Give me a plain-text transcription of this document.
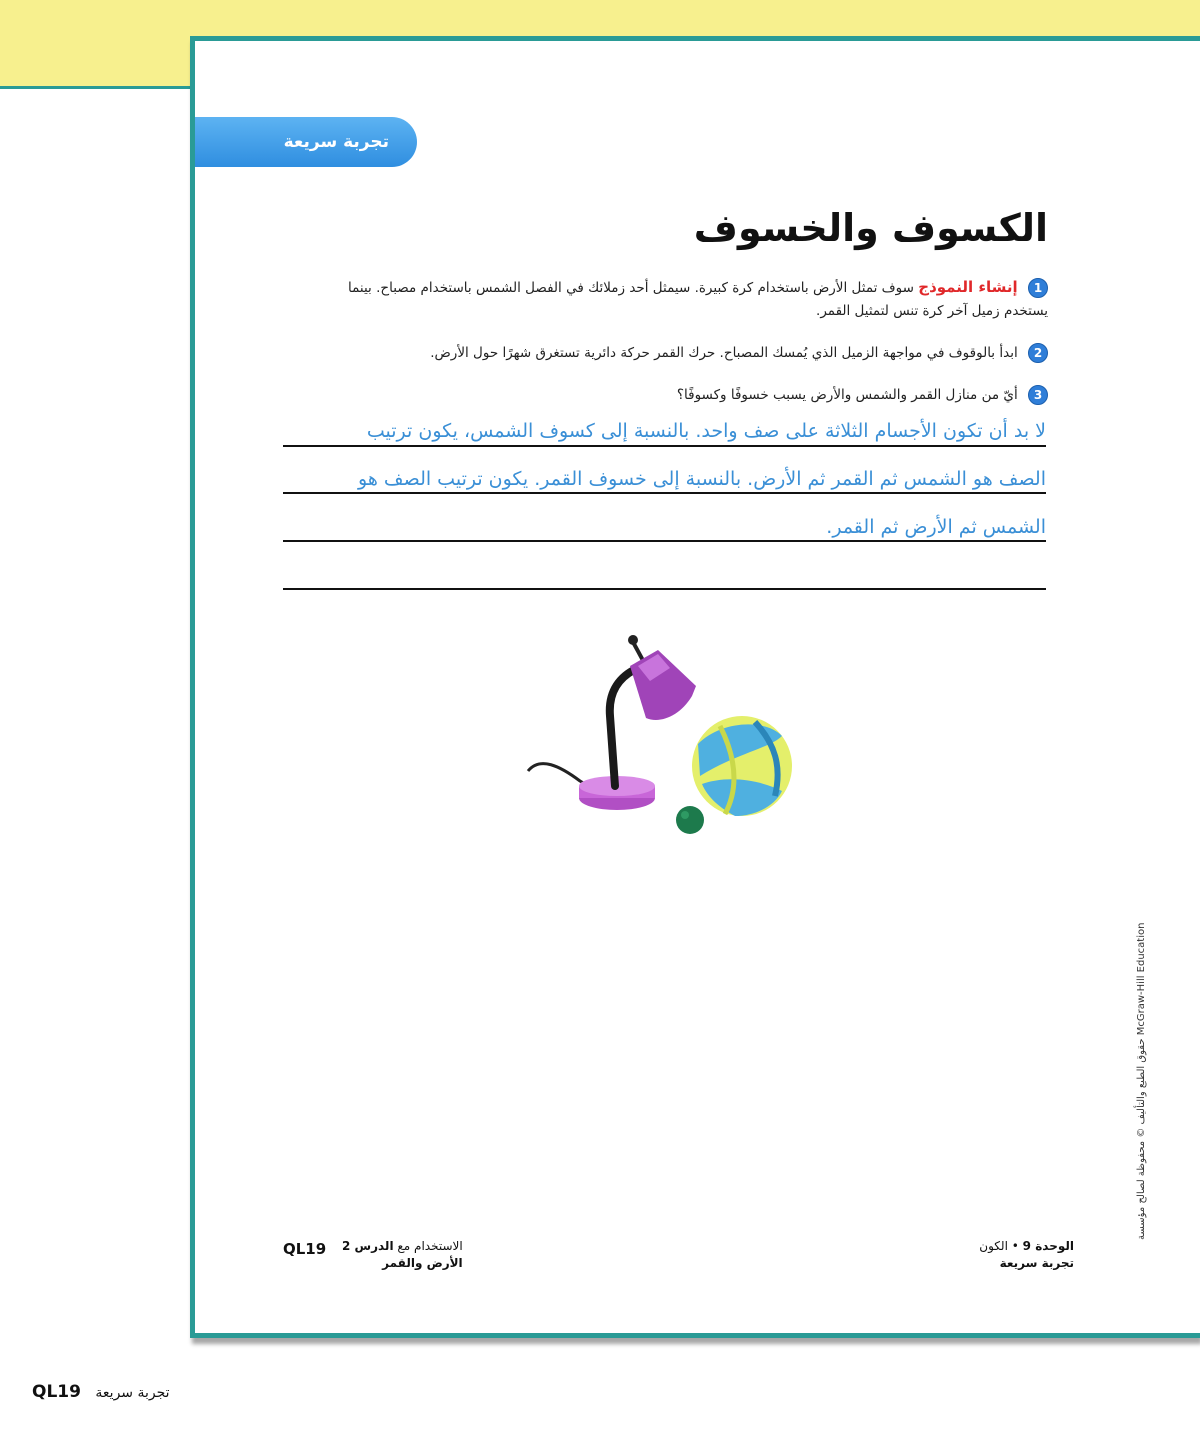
تجربة سريعة
الكسوف والخسوف
1 إنشاء النموذج سوف تمثل الأرض باستخدام كرة كبيرة. سيمثل أحد زملائك في الفصل الشمس باستخدام مصباح. بينما يستخدم زميل آخر كرة تنس لتمثيل القمر.
2 ابدأ بالوقوف في مواجهة الزميل الذي يُمسك المصباح. حرك القمر حركة دائرية تستغرق شهرًا حول الأرض.
3 أيّ من منازل القمر والشمس والأرض يسبب خسوفًا وكسوفًا؟
لا بد أن تكون الأجسام الثلاثة على صف واحد. بالنسبة إلى كسوف الشمس، يكون ترتيب
الصف هو الشمس ثم القمر ثم الأرض. بالنسبة إلى خسوف القمر. يكون ترتيب الصف هو
الشمس ثم الأرض ثم القمر.
QL19	الاستخدام مع الدرس 2
الأرض والقمر
الوحدة 9 • الكون
تجربة سريعة
حقوق الطبع والتأليف © محفوظة لصالح مؤسسة McGraw-Hill Education
تجربة سريعة QL19
